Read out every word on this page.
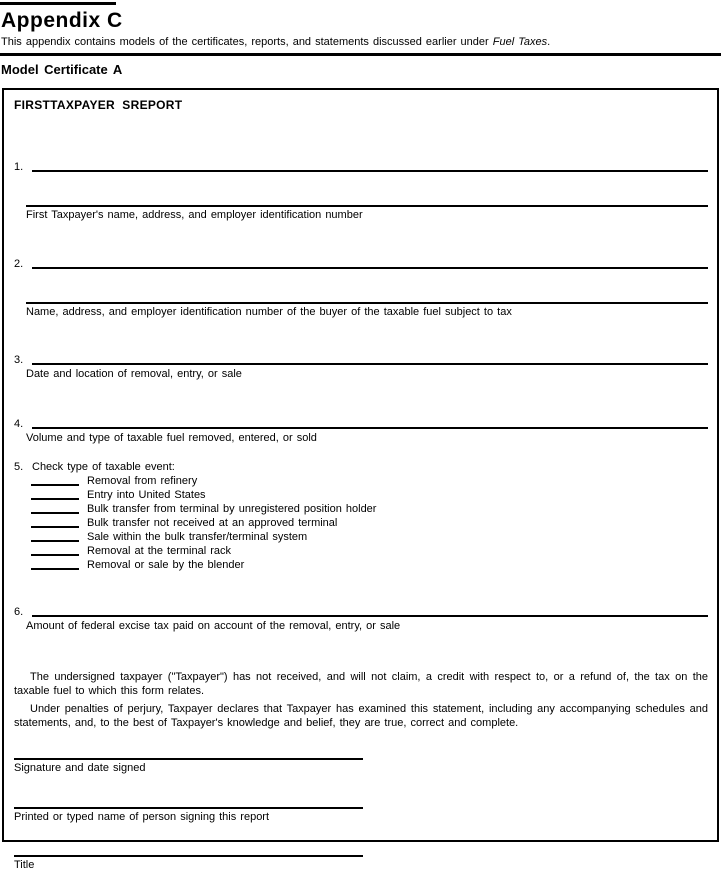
Appendix C

This appendix contains models of the certificates, reports, and statements discussed earlier under Fuel Taxes.

Model Certificate A
FIRSTTAXPAYER  SREPORT
1.
First Taxpayer's name, address, and employer identification number
2.
Name, address, and employer identification number of the buyer of the taxable fuel subject to tax
3.
Date and location of removal, entry, or sale
4.
Volume and type of taxable fuel removed, entered, or sold
5. Check type of taxable event:
Removal from refinery
Entry into United States
Bulk transfer from terminal by unregistered position holder
Bulk transfer not received at an approved terminal
Sale within the bulk transfer/terminal system
Removal at the terminal rack
Removal or sale by the blender
6.
Amount of federal excise tax paid on account of the removal, entry, or sale

The undersigned taxpayer ("Taxpayer") has not received, and will not claim, a credit with respect to, or a refund of, the tax on the taxable fuel to which this form relates.

Under penalties of perjury, Taxpayer declares that Taxpayer has examined this statement, including any accompanying schedules and statements, and, to the best of Taxpayer's knowledge and belief, they are true, correct and complete.

Signature and date signed
Printed or typed name of person signing this report
Title
